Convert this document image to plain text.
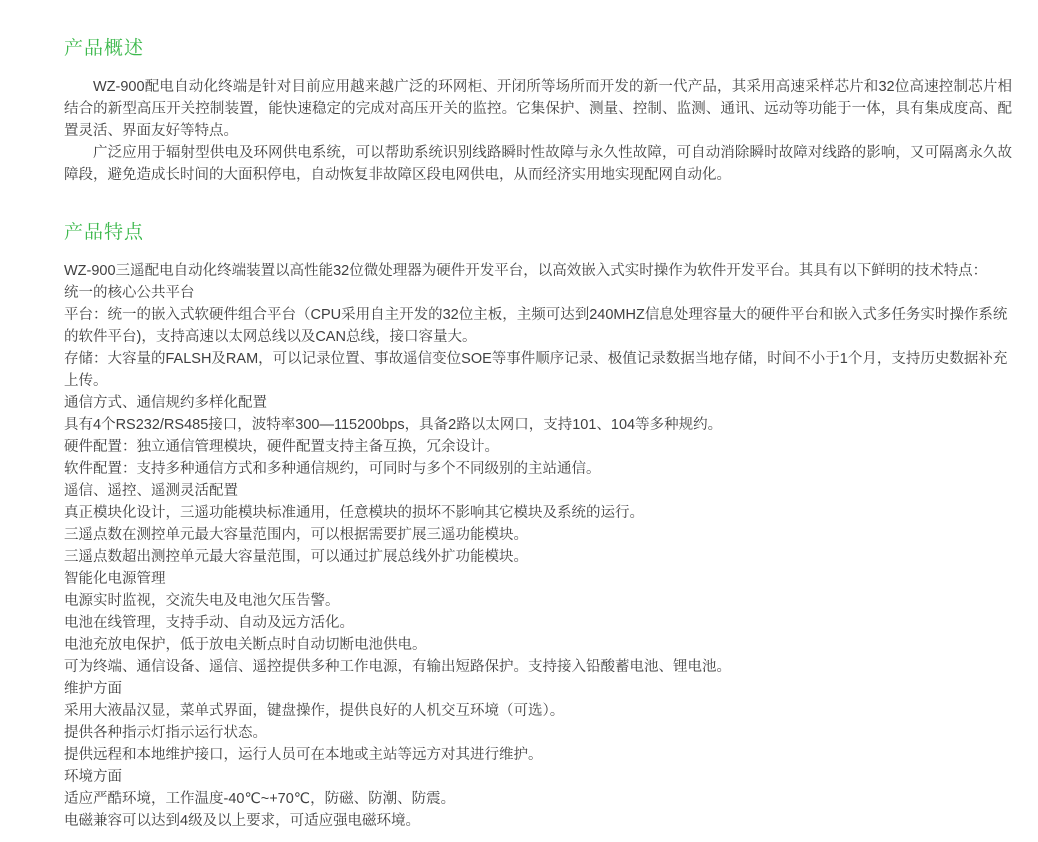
产品概述

WZ-900配电自动化终端是针对目前应用越来越广泛的环网柜、开闭所等场所而开发的新一代产品，其采用高速采样芯片和32位高速控制芯片相结合的新型高压开关控制装置，能快速稳定的完成对高压开关的监控。它集保护、测量、控制、监测、通讯、远动等功能于一体，具有集成度高、配置灵活、界面友好等特点。

广泛应用于辐射型供电及环网供电系统，可以帮助系统识别线路瞬时性故障与永久性故障，可自动消除瞬时故障对线路的影响，又可隔离永久故障段，避免造成长时间的大面积停电，自动恢复非故障区段电网供电，从而经济实用地实现配网自动化。

产品特点
WZ-900三遥配电自动化终端装置以高性能32位微处理器为硬件开发平台，以高效嵌入式实时操作为软件开发平台。其具有以下鲜明的技术特点：
统一的核心公共平台
平台：统一的嵌入式软硬件组合平台（CPU采用自主开发的32位主板，主频可达到240MHZ信息处理容量大的硬件平台和嵌入式多任务实时操作系统的软件平台)，支持高速以太网总线以及CAN总线，接口容量大。
存储：大容量的FALSH及RAM，可以记录位置、事故遥信变位SOE等事件顺序记录、极值记录数据当地存储，时间不小于1个月，支持历史数据补充上传。
通信方式、通信规约多样化配置
具有4个RS232/RS485接口，波特率300—115200bps，具备2路以太网口，支持101、104等多种规约。
硬件配置：独立通信管理模块，硬件配置支持主备互换，冗余设计。
软件配置：支持多种通信方式和多种通信规约，可同时与多个不同级别的主站通信。
遥信、遥控、遥测灵活配置
真正模块化设计，三遥功能模块标准通用，任意模块的损坏不影响其它模块及系统的运行。
三遥点数在测控单元最大容量范围内，可以根据需要扩展三遥功能模块。
三遥点数超出测控单元最大容量范围，可以通过扩展总线外扩功能模块。
智能化电源管理
电源实时监视，交流失电及电池欠压告警。
电池在线管理，支持手动、自动及远方活化。
电池充放电保护，低于放电关断点时自动切断电池供电。
可为终端、通信设备、遥信、遥控提供多种工作电源，有输出短路保护。支持接入铅酸蓄电池、锂电池。
维护方面
采用大液晶汉显，菜单式界面，键盘操作，提供良好的人机交互环境（可选）。
提供各种指示灯指示运行状态。
提供远程和本地维护接口，运行人员可在本地或主站等远方对其进行维护。
环境方面
适应严酷环境，工作温度-40℃~+70℃，防磁、防潮、防震。
电磁兼容可以达到4级及以上要求，可适应强电磁环境。
